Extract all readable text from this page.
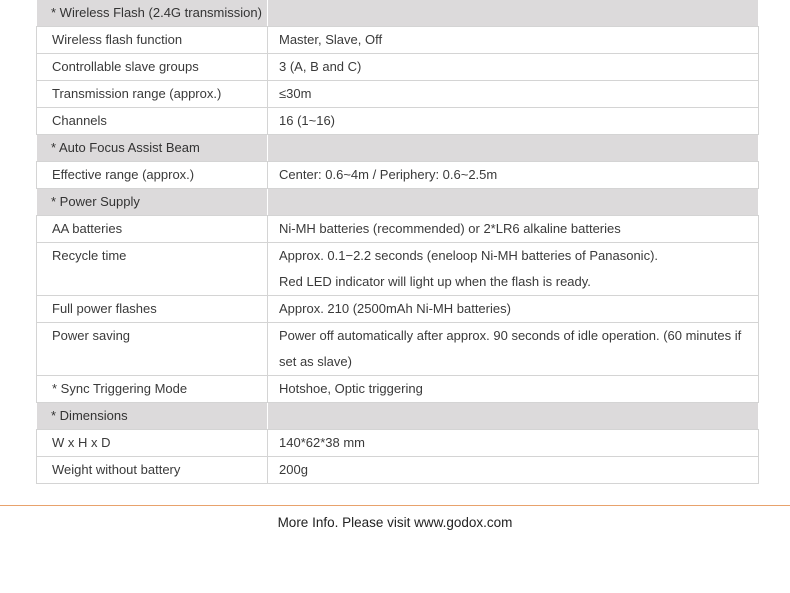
* Wireless Flash (2.4G transmission)	
Wireless flash function	Master, Slave, Off
Controllable slave groups	3 (A, B and C)
Transmission range (approx.)	≤30m
Channels	16 (1~16)
* Auto Focus Assist Beam	
Effective range (approx.)	Center: 0.6~4m / Periphery: 0.6~2.5m
* Power Supply	
AA batteries	Ni-MH batteries (recommended) or 2*LR6 alkaline batteries
Recycle time	Approx. 0.1−2.2 seconds (eneloop Ni-MH batteries of Panasonic).
Red LED indicator will light up when the flash is ready.

Full power flashes	Approx. 210 (2500mAh Ni-MH batteries)
Power saving	Power off automatically after approx. 90 seconds of idle operation. (60 minutes if
set as slave)

* Sync Triggering Mode	Hotshoe, Optic triggering
* Dimensions	
W x H x D	140*62*38 mm
Weight without battery	200g
More Info. Please visit www.godox.com
